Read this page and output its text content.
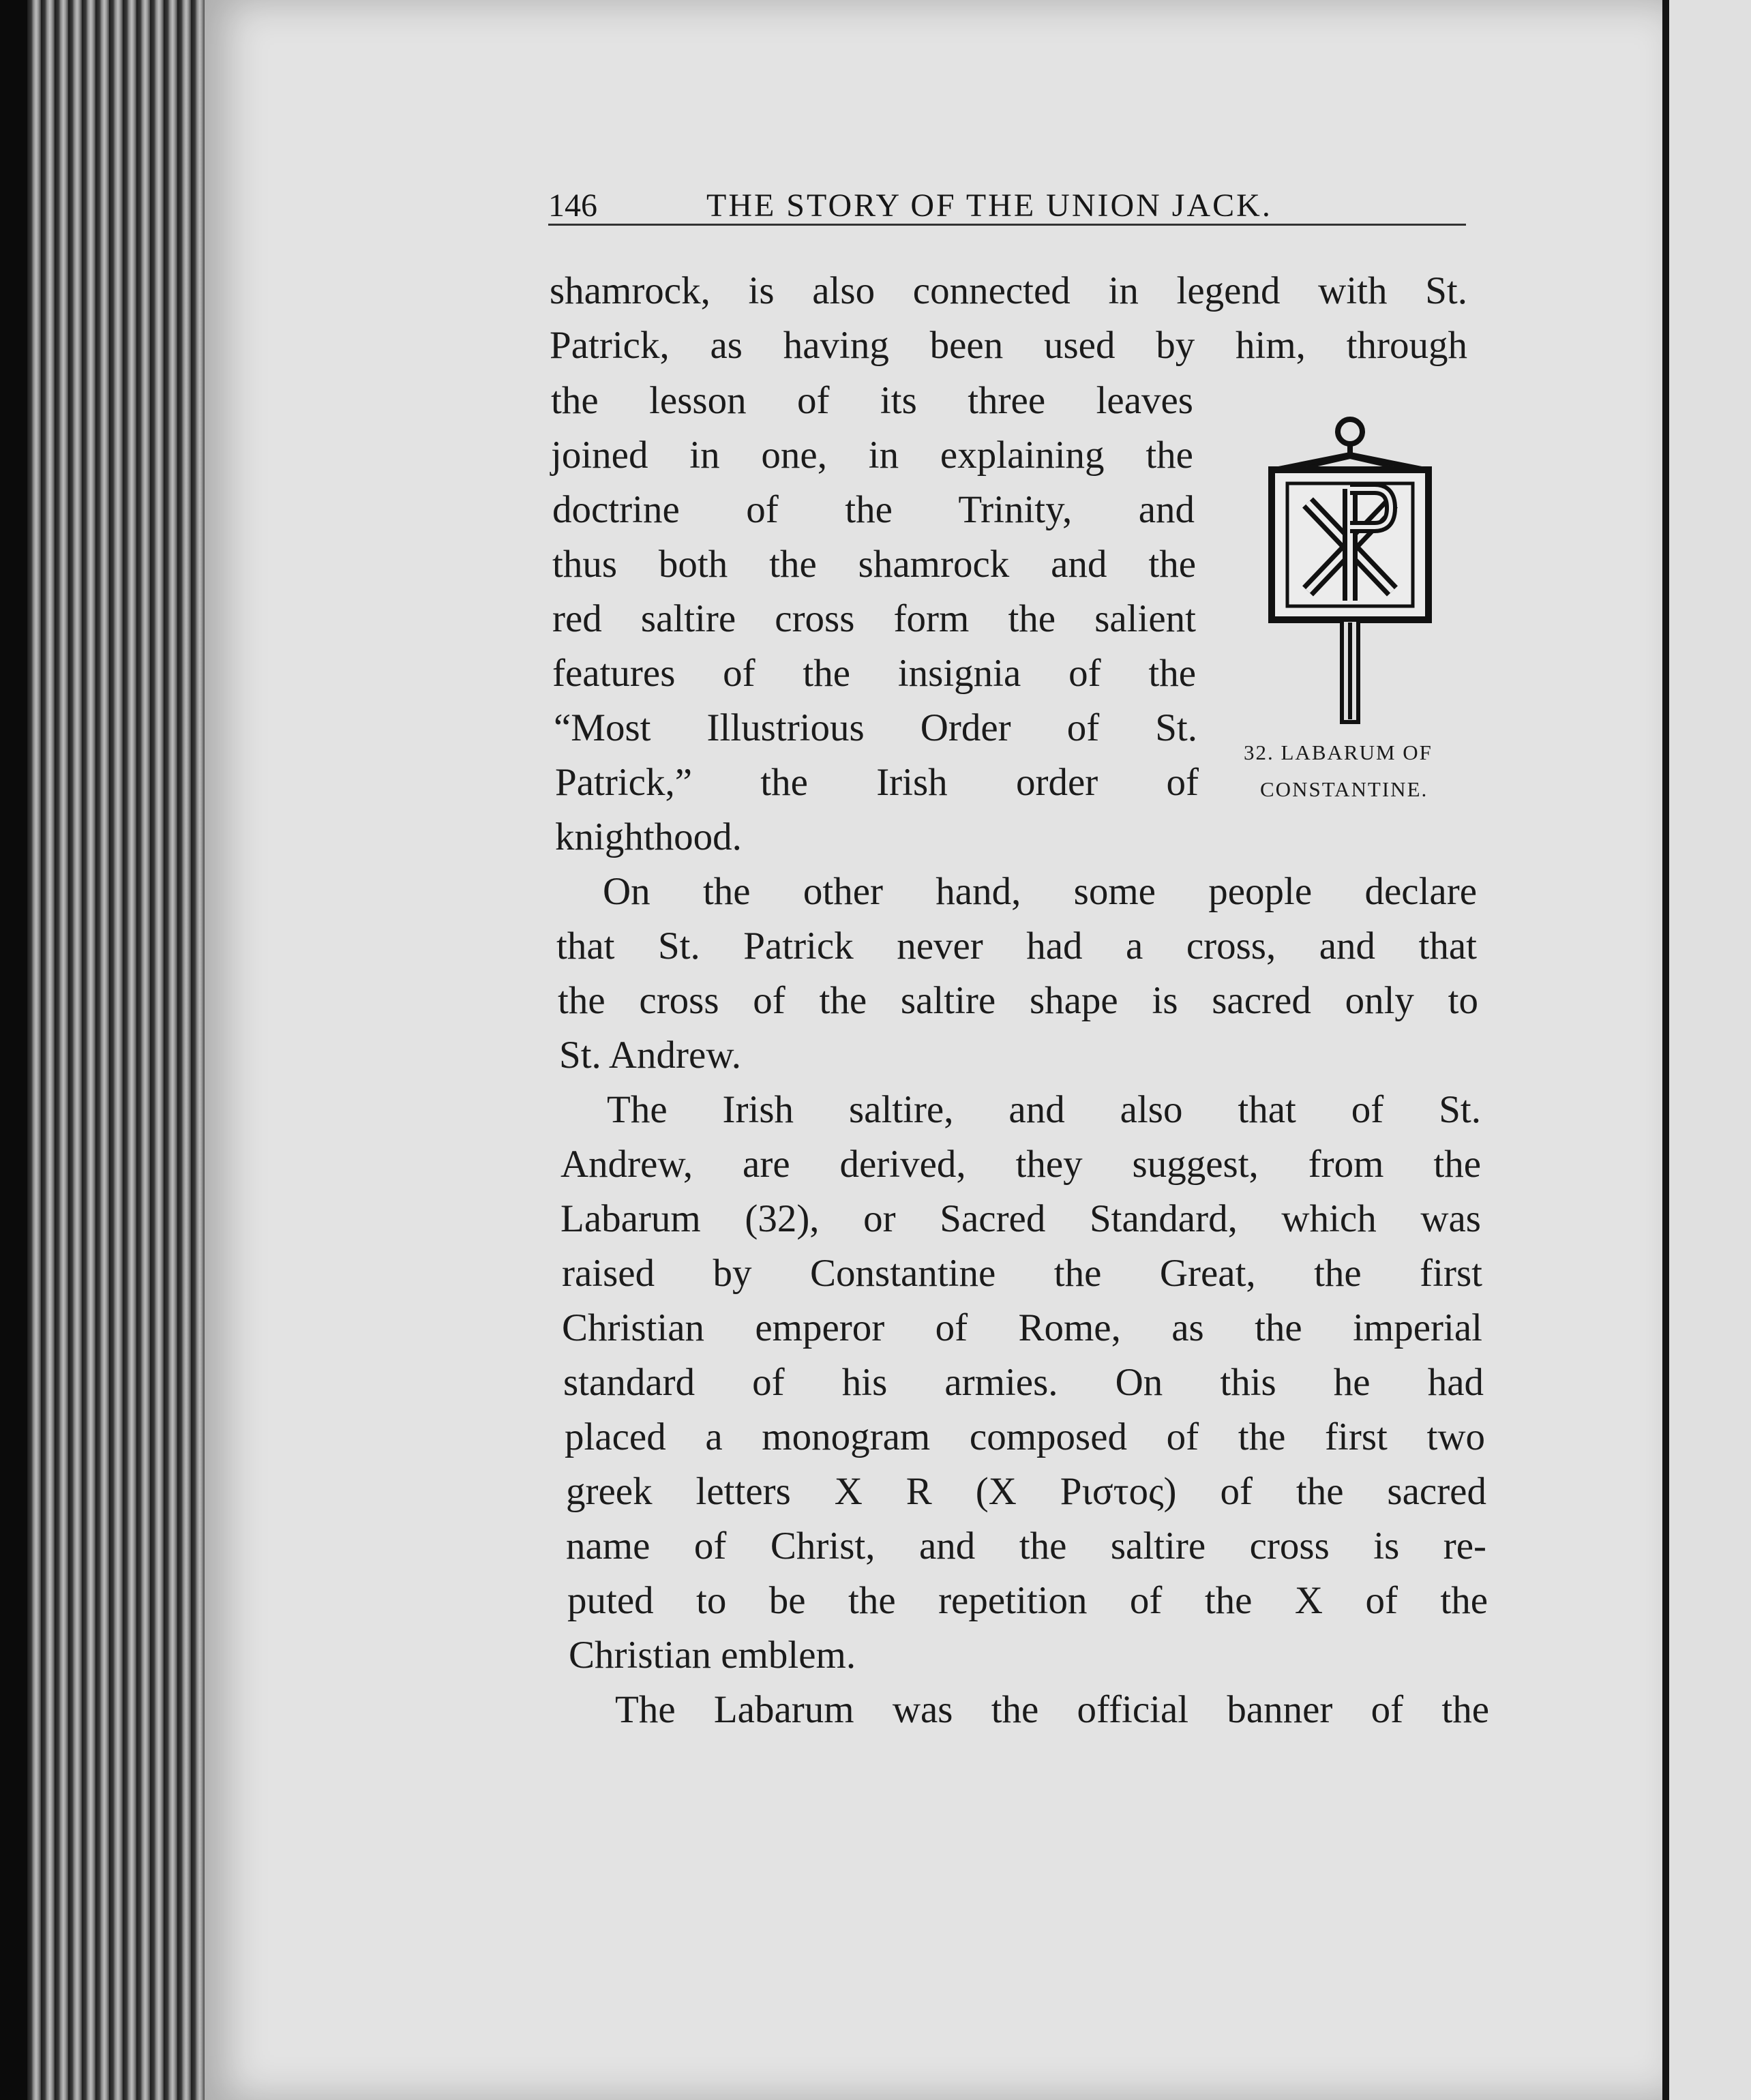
146	THE STORY OF THE UNION JACK.
shamrock, is also connected in legend with St.
Patrick, as having been used by him, through
the lesson of its three leaves
joined in one, in explaining the
doctrine of the Trinity, and
thus both the shamrock and the
red saltire cross form the salient
features of the insignia of the
“Most Illustrious Order of St.
Patrick,” the Irish order of
knighthood.
32. LABARUM OF
CONSTANTINE.
On the other hand, some people declare
that St. Patrick never had a cross, and that
the cross of the saltire shape is sacred only to
St. Andrew.
The Irish saltire, and also that of St.
Andrew, are derived, they suggest, from the
Labarum (32), or Sacred Standard, which was
raised by Constantine the Great, the first
Christian emperor of Rome, as the imperial
standard of his armies. On this he had
placed a monogram composed of the first two
greek letters X R (X Ριστος) of the sacred
name of Christ, and the saltire cross is re-
puted to be the repetition of the X of the
Christian emblem.
The Labarum was the official banner of the
